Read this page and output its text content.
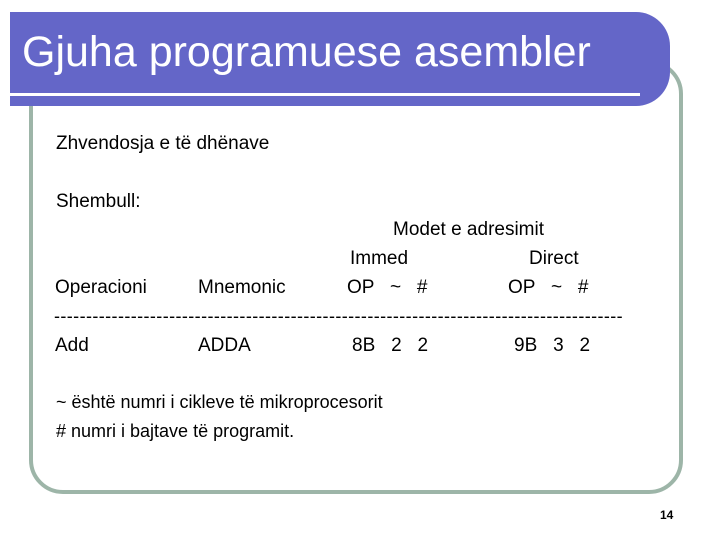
Gjuha programuese asembler
Zhvendosja e të dhënave
Shembull:
Modet e adresimit
Immed	Direct
Operacioni	Mnemonic	OP   ~   #	OP   ~   #
-----------------------------------------------------------------------------------------
Add	ADDA	8B   2   2	9B   3   2
~ është numri i cikleve të mikroprocesorit
# numri i bajtave të programit.
14
